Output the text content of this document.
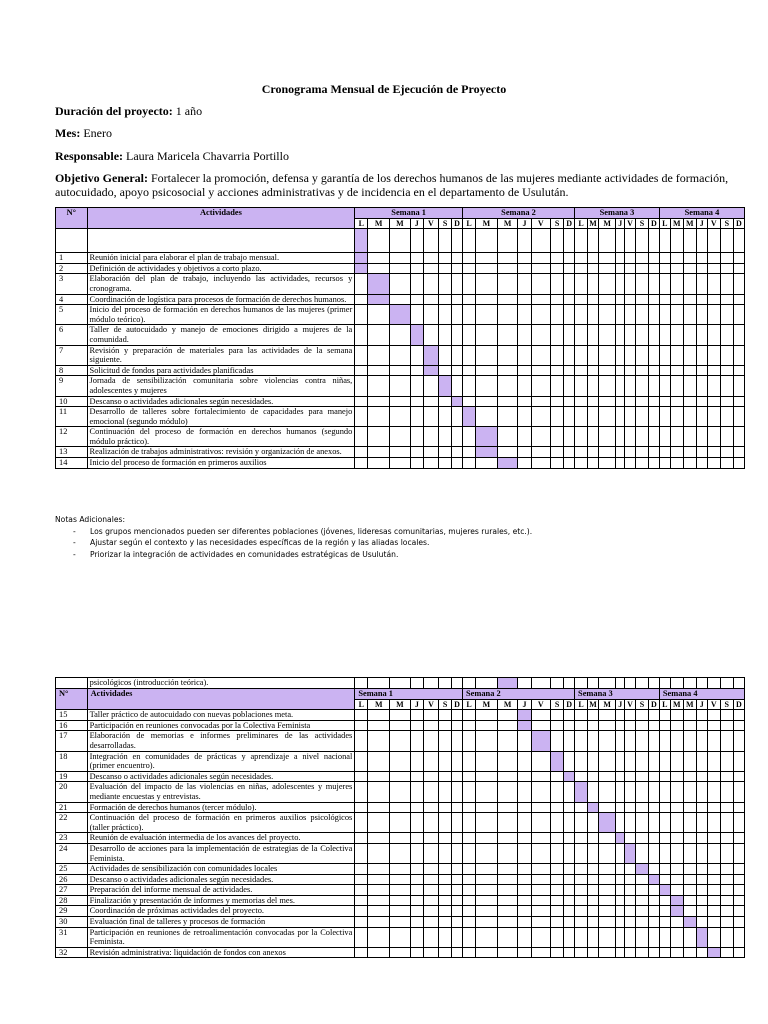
Cronograma Mensual de Ejecución de Proyecto
Duración del proyecto: 1 año
Mes: Enero
Responsable: Laura Maricela Chavarria Portillo
Objetivo General: Fortalecer la promoción, defensa y garantía de los derechos humanos de las mujeres mediante actividades de formación, autocuidado, apoyo psicosocial y acciones administrativas y de incidencia en el departamento de Usulután.
N°	Actividades	Semana 1							Semana 2							Semana 3							Semana 4						
		L	M	M	J	V	S	D	L	M	M	J	V	S	D	L	M	M	J	V	S	D	L	M	M	J	V	S	D

1	Reunión inicial para elaborar el plan de trabajo mensual.																												
2	Definición de actividades y objetivos a corto plazo.																												
3	Elaboración del plan de trabajo, incluyendo las actividades, recursos y cronograma.																												
4	Coordinación de logística para procesos de formación de derechos humanos.																												
5	Inicio del proceso de formación en derechos humanos de las mujeres (primer módulo teórico).																												
6	Taller de autocuidado y manejo de emociones dirigido a mujeres de la comunidad.																												
7	Revisión y preparación de materiales para las actividades de la semana siguiente.																												
8	Solicitud de fondos para actividades planificadas																												
9	Jornada de sensibilización comunitaria sobre violencias contra niñas, adolescentes y mujeres																												
10	Descanso o actividades adicionales según necesidades.																												
11	Desarrollo de talleres sobre fortalecimiento de capacidades para manejo emocional (segundo módulo)																												
12	Continuación del proceso de formación en derechos humanos (segundo módulo práctico).																												
13	Realización de trabajos administrativos: revisión y organización de anexos.																												
14	Inicio del proceso de formación en primeros auxilios																												
Notas Adicionales:
- Los grupos mencionados pueden ser diferentes poblaciones (jóvenes, lideresas comunitarias, mujeres rurales, etc.).
- Ajustar según el contexto y las necesidades específicas de la región y las aliadas locales.
- Priorizar la integración de actividades en comunidades estratégicas de Usulután.
	psicológicos (introducción teórica).																												
N°	Actividades	Semana 1							Semana 2							Semana 3							Semana 4						
		L	M	M	J	V	S	D	L	M	M	J	V	S	D	L	M	M	J	V	S	D	L	M	M	J	V	S	D
15	Taller práctico de autocuidado con nuevas poblaciones meta.																												
16	Participación en reuniones convocadas por la Colectiva Feminista																												
17	Elaboración de memorias e informes preliminares de las actividades desarrolladas.																												
18	Integración en comunidades de prácticas y aprendizaje a nivel nacional (primer encuentro).																												
19	Descanso o actividades adicionales según necesidades.																												
20	Evaluación del impacto de las violencias en niñas, adolescentes y mujeres mediante encuestas y entrevistas.																												
21	Formación de derechos humanos (tercer módulo).																												
22	Continuación del proceso de formación en primeros auxilios psicológicos (taller práctico).																												
23	Reunión de evaluación intermedia de los avances del proyecto.																												
24	Desarrollo de acciones para la implementación de estrategias de la Colectiva Feminista.																												
25	Actividades de sensibilización con comunidades locales																												
26	Descanso o actividades adicionales según necesidades.																												
27	Preparación del informe mensual de actividades.																												
28	Finalización y presentación de informes y memorias del mes.																												
29	Coordinación de próximas actividades del proyecto.																												
30	Evaluación final de talleres y procesos de formación																												
31	Participación en reuniones de retroalimentación convocadas por la Colectiva Feminista.																												
32	Revisión administrativa: liquidación de fondos con anexos																												
